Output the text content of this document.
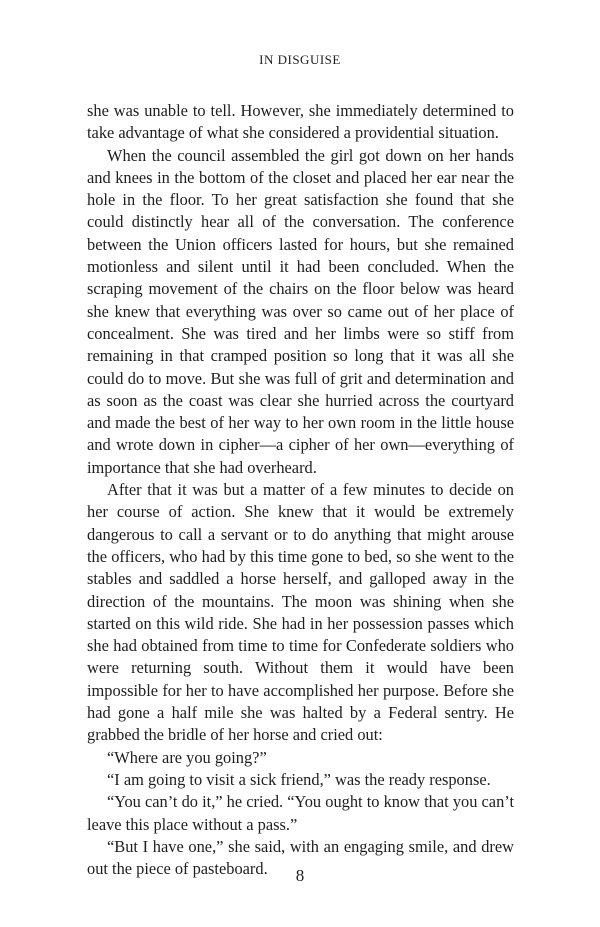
IN DISGUISE

she was unable to tell. However, she immediately determined to take advantage of what she considered a providential situation.

When the council assembled the girl got down on her hands and knees in the bottom of the closet and placed her ear near the hole in the floor. To her great satisfaction she found that she could distinctly hear all of the conversation. The conference between the Union officers lasted for hours, but she remained motionless and silent until it had been concluded. When the scraping movement of the chairs on the floor below was heard she knew that everything was over so came out of her place of concealment. She was tired and her limbs were so stiff from remaining in that cramped position so long that it was all she could do to move. But she was full of grit and determination and as soon as the coast was clear she hurried across the courtyard and made the best of her way to her own room in the little house and wrote down in cipher—a cipher of her own—everything of importance that she had overheard.

After that it was but a matter of a few minutes to decide on her course of action. She knew that it would be extremely dangerous to call a servant or to do anything that might arouse the officers, who had by this time gone to bed, so she went to the stables and saddled a horse herself, and galloped away in the direction of the mountains. The moon was shining when she started on this wild ride. She had in her possession passes which she had obtained from time to time for Confederate soldiers who were returning south. Without them it would have been impossible for her to have accomplished her purpose. Before she had gone a half mile she was halted by a Federal sentry. He grabbed the bridle of her horse and cried out:

“Where are you going?”

“I am going to visit a sick friend,” was the ready response.

“You can’t do it,” he cried. “You ought to know that you can’t leave this place without a pass.”

“But I have one,” she said, with an engaging smile, and drew out the piece of pasteboard.	8
